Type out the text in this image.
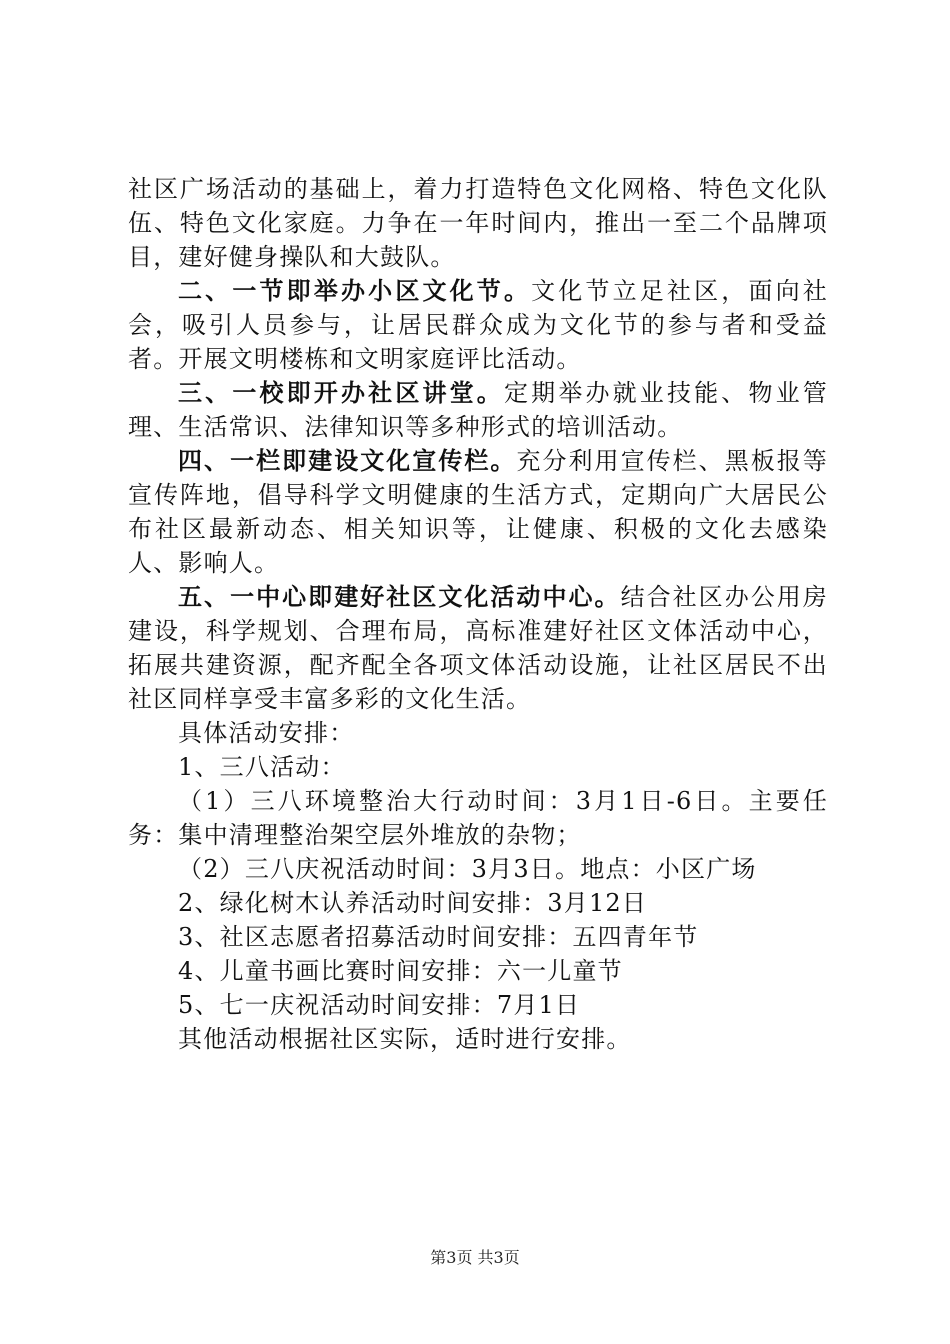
社区广场活动的基础上，着力打造特色文化网格、特色文化队伍、特色文化家庭。力争在一年时间内，推出一至二个品牌项目，建好健身操队和大鼓队。

二、一节即举办小区文化节。文化节立足社区，面向社会，吸引人员参与，让居民群众成为文化节的参与者和受益者。开展文明楼栋和文明家庭评比活动。

三、一校即开办社区讲堂。定期举办就业技能、物业管理、生活常识、法律知识等多种形式的培训活动。

四、一栏即建设文化宣传栏。充分利用宣传栏、黑板报等宣传阵地，倡导科学文明健康的生活方式，定期向广大居民公布社区最新动态、相关知识等，让健康、积极的文化去感染人、影响人。

五、一中心即建好社区文化活动中心。结合社区办公用房建设，科学规划、合理布局，高标准建好社区文体活动中心，拓展共建资源，配齐配全各项文体活动设施，让社区居民不出社区同样享受丰富多彩的文化生活。

具体活动安排：

1、三八活动：

（1）三八环境整治大行动时间：3月1日-6日。主要任务：集中清理整治架空层外堆放的杂物；

（2）三八庆祝活动时间：3月3日。地点：小区广场

2、绿化树木认养活动时间安排：3月12日

3、社区志愿者招募活动时间安排：五四青年节

4、儿童书画比赛时间安排：六一儿童节

5、七一庆祝活动时间安排：7月1日

其他活动根据社区实际，适时进行安排。

第3页 共3页
